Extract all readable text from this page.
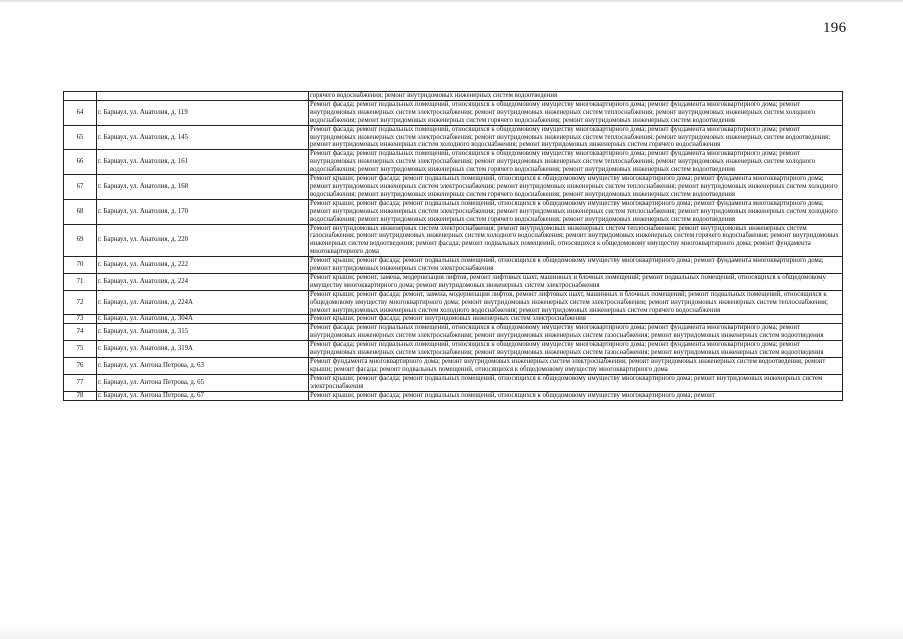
196
		горячего водоснабжения; ремонт внутридомовых инженерных систем водоотведения
64	г. Барнаул, ул. Анатолия, д. 119	Ремонт фасада; ремонт подвальных помещений, относящихся к общедомовому имуществу многоквартирного дома; ремонт фундамента многоквартирного дома; ремонт внутридомовых инженерных систем электроснабжения; ремонт внутридомовых инженерных систем теплоснабжения; ремонт внутридомовых инженерных систем холодного водоснабжения; ремонт внутридомовых инженерных систем горячего водоснабжения; ремонт внутридомовых инженерных систем водоотведения
65	г. Барнаул, ул. Анатолия, д. 145	Ремонт фасада; ремонт подвальных помещений, относящихся к общедомовому имуществу многоквартирного дома; ремонт фундамента многоквартирного дома; ремонт внутридомовых инженерных систем электроснабжения; ремонт внутридомовых инженерных систем теплоснабжения; ремонт внутридомовых инженерных систем водоотведения; ремонт внутридомовых инженерных систем холодного водоснабжения; ремонт внутридомовых инженерных систем горячего водоснабжения
66	г. Барнаул, ул. Анатолия, д. 161	Ремонт фасада; ремонт подвальных помещений, относящихся к общедомовому имуществу многоквартирного дома; ремонт фундамента многоквартирного дома; ремонт внутридомовых инженерных систем электроснабжения; ремонт внутридомовых инженерных систем теплоснабжения; ремонт внутридомовых инженерных систем холодного водоснабжения; ремонт внутридомовых инженерных систем горячего водоснабжения; ремонт внутридомовых инженерных систем водоотведения
67	г. Барнаул, ул. Анатолия, д. 168	Ремонт крыши; ремонт фасада; ремонт подвальных помещений, относящихся к общедомовому имуществу многоквартирного дома; ремонт фундамента многоквартирного дома; ремонт внутридомовых инженерных систем электроснабжения; ремонт внутридомовых инженерных систем теплоснабжения; ремонт внутридомовых инженерных систем холодного водоснабжения; ремонт внутридомовых инженерных систем горячего водоснабжения; ремонт внутридомовых инженерных систем водоотведения
68	г. Барнаул, ул. Анатолия, д. 170	Ремонт крыши; ремонт фасада; ремонт подвальных помещений, относящихся к общедомовому имуществу многоквартирного дома; ремонт фундамента многоквартирного дома; ремонт внутридомовых инженерных систем электроснабжения; ремонт внутридомовых инженерных систем теплоснабжения; ремонт внутридомовых инженерных систем холодного водоснабжения; ремонт внутридомовых инженерных систем горячего водоснабжения; ремонт внутридомовых инженерных систем водоотведения
69	г. Барнаул, ул. Анатолия, д. 220	Ремонт внутридомовых инженерных систем электроснабжения; ремонт внутридомовых инженерных систем теплоснабжения; ремонт внутридомовых инженерных систем газоснабжения; ремонт внутридомовых инженерных систем холодного водоснабжения; ремонт внутридомовых инженерных систем горячего водоснабжения; ремонт внутридомовых инженерных систем водоотведения; ремонт фасада; ремонт подвальных помещений, относящихся к общедомовому имуществу многоквартирного дома; ремонт фундамента многоквартирного дома
70	г. Барнаул, ул. Анатолия, д. 222	Ремонт крыши; ремонт фасада; ремонт подвальных помещений, относящихся к общедомовому имуществу многоквартирного дома; ремонт фундамента многоквартирного дома; ремонт внутридомовых инженерных систем электроснабжения
71	г. Барнаул, ул. Анатолия, д. 224	Ремонт крыши; ремонт, замена, модернизация лифтов, ремонт лифтовых шахт, машинных и блочных помещений; ремонт подвальных помещений, относящихся к общедомовому имуществу многоквартирного дома; ремонт внутридомовых инженерных систем электроснабжения
72	г. Барнаул, ул. Анатолия, д. 224А	Ремонт крыши; ремонт фасада; ремонт, замена, модернизация лифтов, ремонт лифтовых шахт, машинных и блочных помещений; ремонт подвальных помещений, относящихся к общедомовому имуществу многоквартирного дома; ремонт внутридомовых инженерных систем электроснабжения; ремонт внутридомовых инженерных систем теплоснабжения; ремонт внутридомовых инженерных систем холодного водоснабжения; ремонт внутридомовых инженерных систем горячего водоснабжения
73	г. Барнаул, ул. Анатолия, д. 304А	Ремонт крыши; ремонт фасада; ремонт внутридомовых инженерных систем электроснабжения
74	г. Барнаул, ул. Анатолия, д. 315	Ремонт фасада; ремонт подвальных помещений, относящихся к общедомовому имуществу многоквартирного дома; ремонт фундамента многоквартирного дома; ремонт внутридомовых инженерных систем электроснабжения; ремонт внутридомовых инженерных систем газоснабжения; ремонт внутридомовых инженерных систем водоотведения
75	г. Барнаул, ул. Анатолия, д. 319А	Ремонт фасада; ремонт подвальных помещений, относящихся к общедомовому имуществу многоквартирного дома; ремонт фундамента многоквартирного дома; ремонт внутридомовых инженерных систем электроснабжения; ремонт внутридомовых инженерных систем газоснабжения; ремонт внутридомовых инженерных систем водоотведения
76	г. Барнаул, ул. Антона Петрова, д. 63	Ремонт фундамента многоквартирного дома; ремонт внутридомовых инженерных систем электроснабжения; ремонт внутридомовых инженерных систем водоотведения; ремонт крыши; ремонт фасада; ремонт подвальных помещений, относящихся к общедомовому имуществу многоквартирного дома
77	г. Барнаул, ул. Антона Петрова, д. 65	Ремонт крыши; ремонт фасада; ремонт подвальных помещений, относящихся к общедомовому имуществу многоквартирного дома; ремонт внутридомовых инженерных систем электроснабжения
78	г. Барнаул, ул. Антона Петрова, д. 67	Ремонт крыши; ремонт фасада; ремонт подвальных помещений, относящихся к общедомовому имуществу многоквартирного дома; ремонт
